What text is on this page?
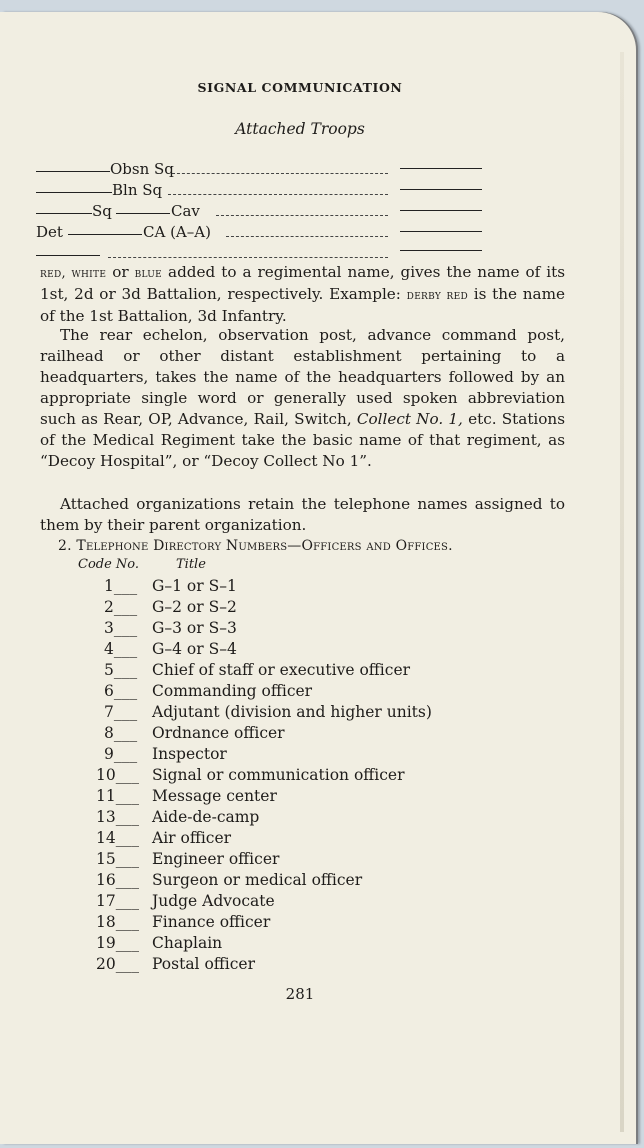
SIGNAL COMMUNICATION
Attached Troops
Obsn Sq
Bln Sq
Sq	Cav
Det	CA (A–A)

red, white or blue added to a regimental name, gives the name of its 1st, 2d or 3d Battalion, respectively. Example: derby red is the name of the 1st Battalion, 3d Infantry.

The rear echelon, observation post, advance command post, railhead or other distant establishment pertaining to a headquarters, takes the name of the headquarters followed by an appropriate single word or generally used spoken abbreviation such as Rear, OP, Advance, Rail, Switch, Collect No. 1, etc. Stations of the Medical Regiment take the basic name of that regiment, as “Decoy Hospital”, or “Decoy Collect No 1”.

Attached organizations retain the telephone names assigned to them by their parent organization.

2. Telephone Directory Numbers—Officers and Offices.
Code No.	Title
1___ G–1 or S–1
2___ G–2 or S–2
3___ G–3 or S–3
4___ G–4 or S–4
5___ Chief of staff or executive officer
6___ Commanding officer
7___ Adjutant (division and higher units)
8___ Ordnance officer
9___ Inspector
10___ Signal or communication officer
11___ Message center
13___ Aide-de-camp
14___ Air officer
15___ Engineer officer
16___ Surgeon or medical officer
17___ Judge Advocate
18___ Finance officer
19___ Chaplain
20___ Postal officer
281
